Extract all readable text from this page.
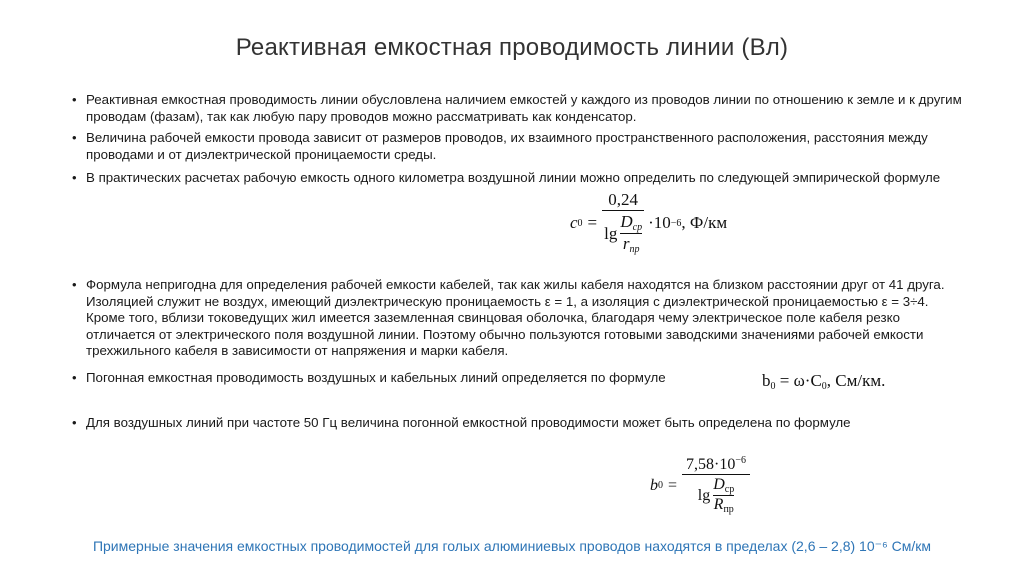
Реактивная емкостная проводимость линии (Вл)
• Реактивная емкостная проводимость линии обусловлена наличием емкостей у каждого из проводов линии по отношению к земле и к другим проводам (фазам), так как любую пару проводов можно рассматривать как конденсатор.
• Величина рабочей емкости провода зависит от размеров проводов, их взаимного пространственного расположения, расстояния между проводами и от диэлектрической проницаемости среды.
• В практических расчетах рабочую емкость одного километра воздушной линии можно определить по следующей эмпирической формуле
• Формула непригодна для определения рабочей емкости кабелей, так как жилы кабеля находятся на близком расстоянии друг от 41 друга. Изоляцией служит не воздух, имеющий диэлектрическую проницаемость ε = 1, а изоляция с диэлектрической проницаемостью ε = 3÷4. Кроме того, вблизи токоведущих жил имеется заземленная свинцовая оболочка, благодаря чему электрическое поле кабеля резко отличается от электрического поля воздушной линии. Поэтому обычно пользуются готовыми заводскими значениями рабочей емкости трехжильного кабеля в зависимости от напряжения и марки кабеля.
• Погонная емкостная проводимость воздушных и кабельных линий определяется по формуле
• Для воздушных линий при частоте 50 Гц величина погонной емкостной проводимости может быть определена по формуле
c $0 = \frac{0,24}{\lg \frac{D_{ср}}{r_{пр}}} \cdot 10 -6$ , Ф/км
$b_0 = \omega\cdot C_0$, См/км.
b $0 = \frac{7,58\cdot 10^{-6}}{\lg \frac{D_{ср}}{R_{пр}}}$
Примерные значения емкостных проводимостей для голых алюминиевых проводов находятся в пределах (2,6 – 2,8) 10⁻⁶ См/км
